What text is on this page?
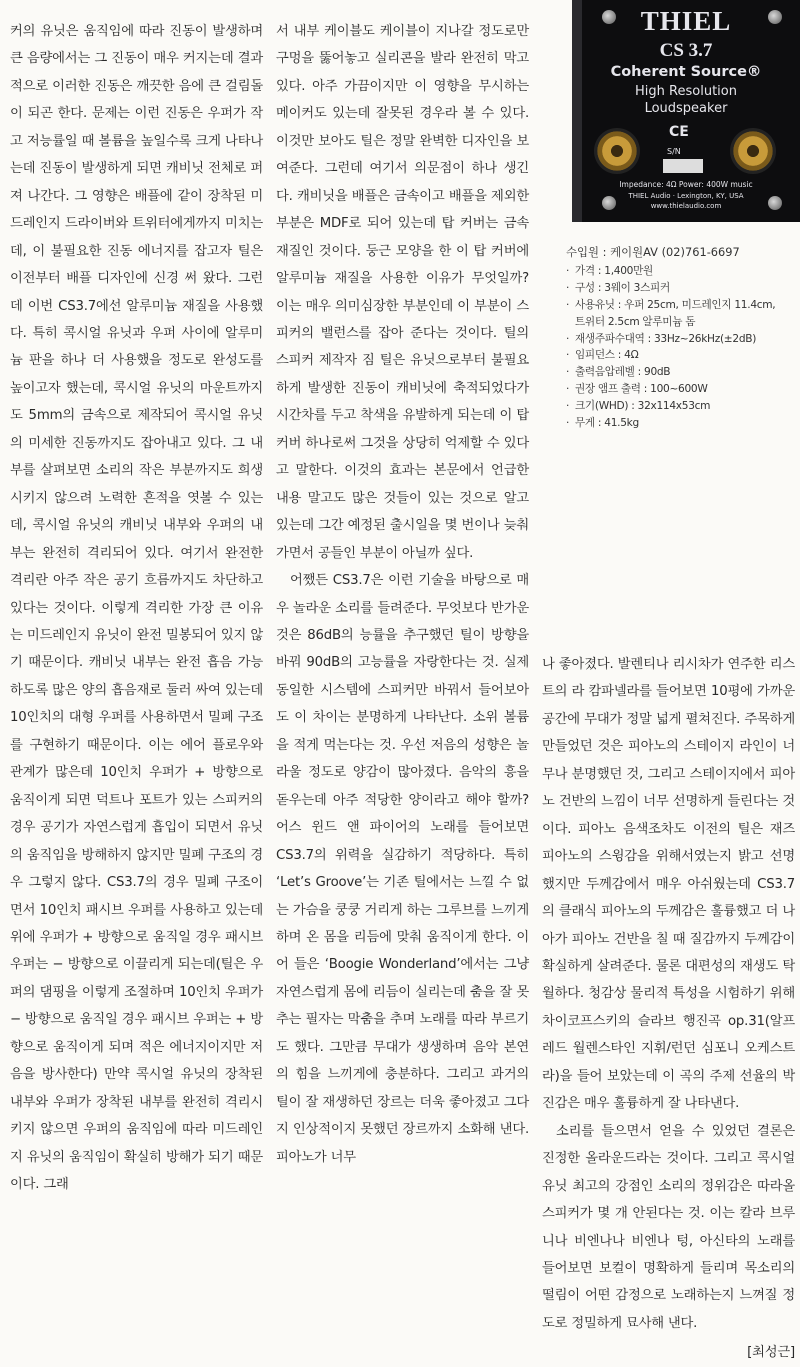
THIEL
CS 3.7
Coherent Source®
High Resolution
Loudspeaker
CE
S/N
Impedance: 4Ω Power: 400W music
THIEL Audio · Lexington, KY, USA
www.thielaudio.com
수입원 : 케이원AV (02)761-6697
· 가격 : 1,400만원
· 구성 : 3웨이 3스피커
· 사용유닛 : 우퍼 25cm, 미드레인지 11.4cm, 트위터 2.5cm 알루미늄 돔
· 재생주파수대역 : 33Hz~26kHz(±2dB)
· 임피던스 : 4Ω
· 출력음압레벨 : 90dB
· 권장 앰프 출력 : 100~600W
· 크기(WHD) : 32x114x53cm
· 무게 : 41.5kg

커의 유닛은 움직임에 따라 진동이 발생하며 큰 음량에서는 그 진동이 매우 커지는데 결과적으로 이러한 진동은 깨끗한 음에 큰 걸림돌이 되곤 한다. 문제는 이런 진동은 우퍼가 작고 저능률일 때 볼륨을 높일수록 크게 나타나는데 진동이 발생하게 되면 캐비닛 전체로 퍼져 나간다. 그 영향은 배플에 같이 장착된 미드레인지 드라이버와 트위터에게까지 미치는데, 이 불필요한 진동 에너지를 잡고자 틸은 이전부터 배플 디자인에 신경 써 왔다. 그런데 이번 CS3.7에선 알루미늄 재질을 사용했다. 특히 콕시얼 유닛과 우퍼 사이에 알루미늄 판을 하나 더 사용했을 정도로 완성도를 높이고자 했는데, 콕시얼 유닛의 마운트까지도 5mm의 금속으로 제작되어 콕시얼 유닛의 미세한 진동까지도 잡아내고 있다. 그 내부를 살펴보면 소리의 작은 부분까지도 희생시키지 않으려 노력한 흔적을 엿볼 수 있는데, 콕시얼 유닛의 캐비닛 내부와 우퍼의 내부는 완전히 격리되어 있다. 여기서 완전한 격리란 아주 작은 공기 흐름까지도 차단하고 있다는 것이다. 이렇게 격리한 가장 큰 이유는 미드레인지 유닛이 완전 밀봉되어 있지 않기 때문이다. 캐비닛 내부는 완전 흡음 가능하도록 많은 양의 흡음재로 둘러 싸여 있는데 10인치의 대형 우퍼를 사용하면서 밀폐 구조를 구현하기 때문이다. 이는 에어 플로우와 관계가 많은데 10인치 우퍼가 + 방향으로 움직이게 되면 덕트나 포트가 있는 스피커의 경우 공기가 자연스럽게 흡입이 되면서 유닛의 움직임을 방해하지 않지만 밀폐 구조의 경우 그렇지 않다. CS3.7의 경우 밀폐 구조이면서 10인치 패시브 우퍼를 사용하고 있는데 위에 우퍼가 + 방향으로 움직일 경우 패시브 우퍼는 − 방향으로 이끌리게 되는데(틸은 우퍼의 댐핑을 이렇게 조절하며 10인치 우퍼가 − 방향으로 움직일 경우 패시브 우퍼는 + 방향으로 움직이게 되며 적은 에너지이지만 저음을 방사한다) 만약 콕시얼 유닛의 장착된 내부와 우퍼가 장착된 내부를 완전히 격리시키지 않으면 우퍼의 움직임에 따라 미드레인지 유닛의 움직임이 확실히 방해가 되기 때문이다. 그래

서 내부 케이블도 케이블이 지나갈 정도로만 구멍을 뚫어놓고 실리콘을 발라 완전히 막고 있다. 아주 가끔이지만 이 영향을 무시하는 메이커도 있는데 잘못된 경우라 볼 수 있다. 이것만 보아도 틸은 정말 완벽한 디자인을 보여준다. 그런데 여기서 의문점이 하나 생긴다. 캐비닛을 배플은 금속이고 배플을 제외한 부분은 MDF로 되어 있는데 탑 커버는 금속 재질인 것이다. 둥근 모양을 한 이 탑 커버에 알루미늄 재질을 사용한 이유가 무엇일까? 이는 매우 의미심장한 부분인데 이 부분이 스피커의 밸런스를 잡아 준다는 것이다. 틸의 스피커 제작자 짐 틸은 유닛으로부터 불필요하게 발생한 진동이 캐비닛에 축적되었다가 시간차를 두고 착색을 유발하게 되는데 이 탑 커버 하나로써 그것을 상당히 억제할 수 있다고 말한다. 이것의 효과는 본문에서 언급한 내용 말고도 많은 것들이 있는 것으로 알고 있는데 그간 예정된 출시일을 몇 번이나 늦춰 가면서 공들인 부분이 아닐까 싶다.

어쨌든 CS3.7은 이런 기술을 바탕으로 매우 놀라운 소리를 들려준다. 무엇보다 반가운 것은 86dB의 능률을 추구했던 틸이 방향을 바꿔 90dB의 고능률을 자랑한다는 것. 실제 동일한 시스템에 스피커만 바꿔서 들어보아도 이 차이는 분명하게 나타난다. 소위 볼륨을 적게 먹는다는 것. 우선 저음의 성향은 놀라울 정도로 양감이 많아졌다. 음악의 흥을 돋우는데 아주 적당한 양이라고 해야 할까? 어스 윈드 앤 파이어의 노래를 들어보면 CS3.7의 위력을 실감하기 적당하다. 특히 ‘Let’s Groove’는 기존 틸에서는 느낄 수 없는 가슴을 쿵쿵 거리게 하는 그루브를 느끼게 하며 온 몸을 리듬에 맞춰 움직이게 한다. 이어 들은 ‘Boogie Wonderland’에서는 그냥 자연스럽게 몸에 리듬이 실리는데 춤을 잘 못 추는 필자는 막춤을 추며 노래를 따라 부르기도 했다. 그만큼 무대가 생생하며 음악 본연의 힘을 느끼게에 충분하다. 그리고 과거의 틸이 잘 재생하던 장르는 더욱 좋아졌고 그다지 인상적이지 못했던 장르까지 소화해 낸다. 피아노가 너무

나 좋아졌다. 발렌티나 리시차가 연주한 리스트의 라 캄파넬라를 들어보면 10평에 가까운 공간에 무대가 정말 넓게 펼쳐진다. 주목하게 만들었던 것은 피아노의 스테이지 라인이 너무나 분명했던 것, 그리고 스테이지에서 피아노 건반의 느낌이 너무 선명하게 들린다는 것이다. 피아노 음색조차도 이전의 틸은 재즈 피아노의 스윙감을 위해서였는지 밝고 선명했지만 두께감에서 매우 아쉬웠는데 CS3.7의 클래식 피아노의 두께감은 훌륭했고 더 나아가 피아노 건반을 칠 때 질감까지 두께감이 확실하게 살려준다. 물론 대편성의 재생도 탁월하다. 청감상 물리적 특성을 시험하기 위해 차이코프스키의 슬라브 행진곡 op.31(알프레드 월렌스타인 지휘/런던 심포니 오케스트라)을 들어 보았는데 이 곡의 주제 선율의 박진감은 매우 훌륭하게 잘 나타낸다.

소리를 들으면서 얻을 수 있었던 결론은 진정한 올라운드라는 것이다. 그리고 콕시얼 유닛 최고의 강점인 소리의 정위감은 따라올 스피커가 몇 개 안된다는 것. 이는 칼라 브루니나 비엔나나 비엔나 텅, 아신타의 노래를 들어보면 보컬이 명확하게 들리며 목소리의 떨림이 어떤 감정으로 노래하는지 느껴질 정도로 정밀하게 묘사해 낸다.

[최성근]
